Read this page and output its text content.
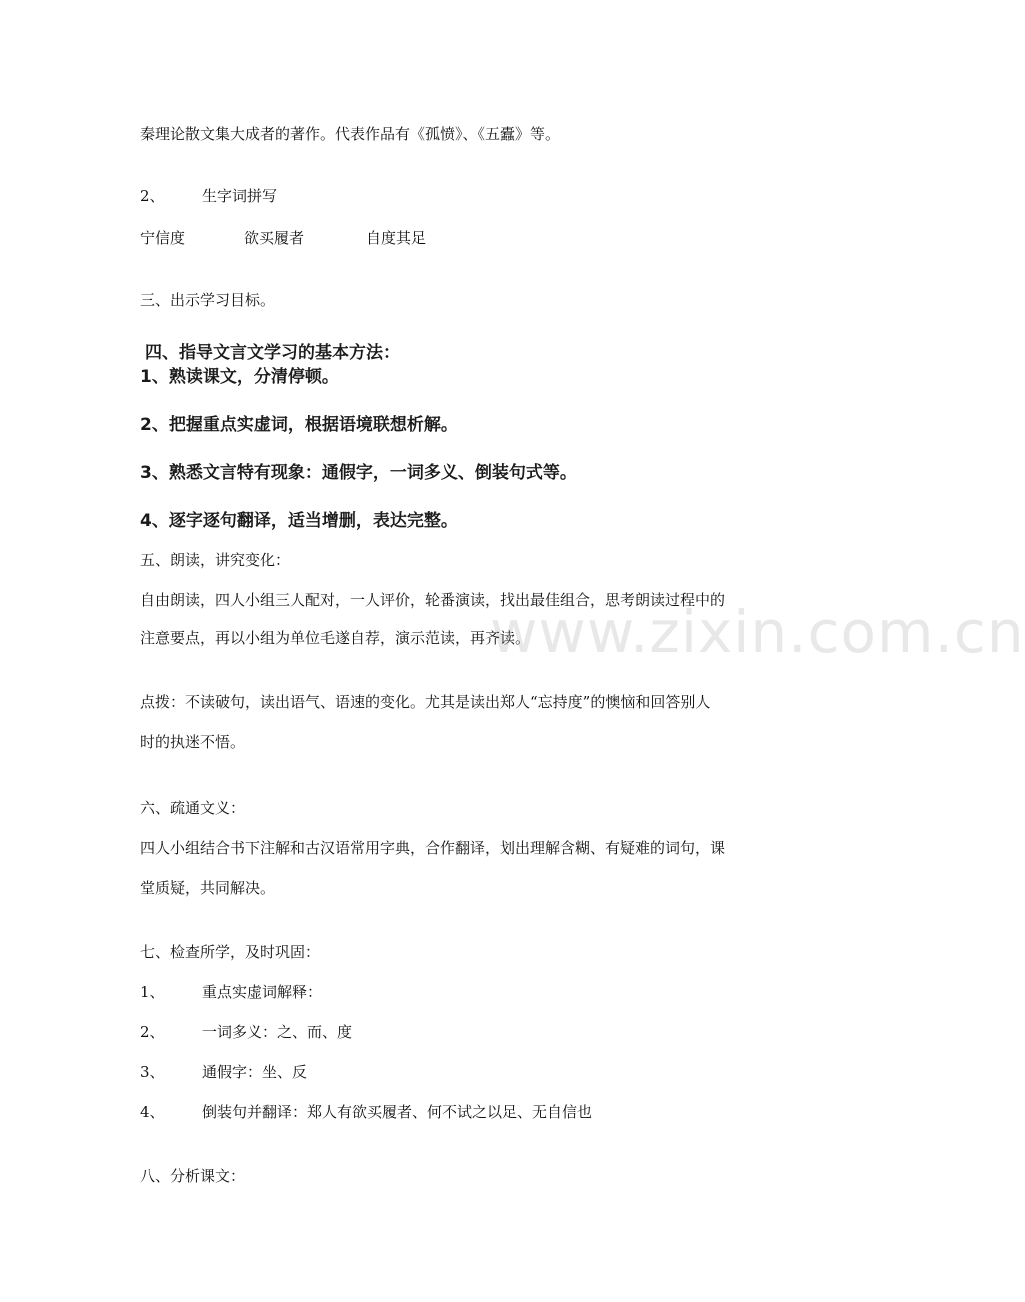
秦理论散文集大成者的著作。代表作品有《孤愤》、《五蠹》等。
2、 生字词拼写
宁信度	欲买履者	自度其足
三、出示学习目标。
四、指导文言文学习的基本方法：
1、熟读课文，分清停顿。
2、把握重点实虚词，根据语境联想析解。
3、熟悉文言特有现象：通假字，一词多义、倒装句式等。
4、逐字逐句翻译，适当增删，表达完整。
五、朗读，讲究变化：
自由朗读，四人小组三人配对，一人评价，轮番演读，找出最佳组合，思考朗读过程中的
注意要点，再以小组为单位毛遂自荐，演示范读，再齐读。
www.zixin.com.cn
点拨：不读破句，读出语气、语速的变化。尤其是读出郑人“忘持度”的懊恼和回答别人
时的执迷不悟。
六、疏通文义：
四人小组结合书下注解和古汉语常用字典，合作翻译，划出理解含糊、有疑难的词句，课
堂质疑，共同解决。
七、检查所学，及时巩固：
1、 重点实虚词解释：
2、 一词多义：之、而、度
3、 通假字：坐、反
4、 倒装句并翻译：郑人有欲买履者、何不试之以足、无自信也
八、分析课文：
